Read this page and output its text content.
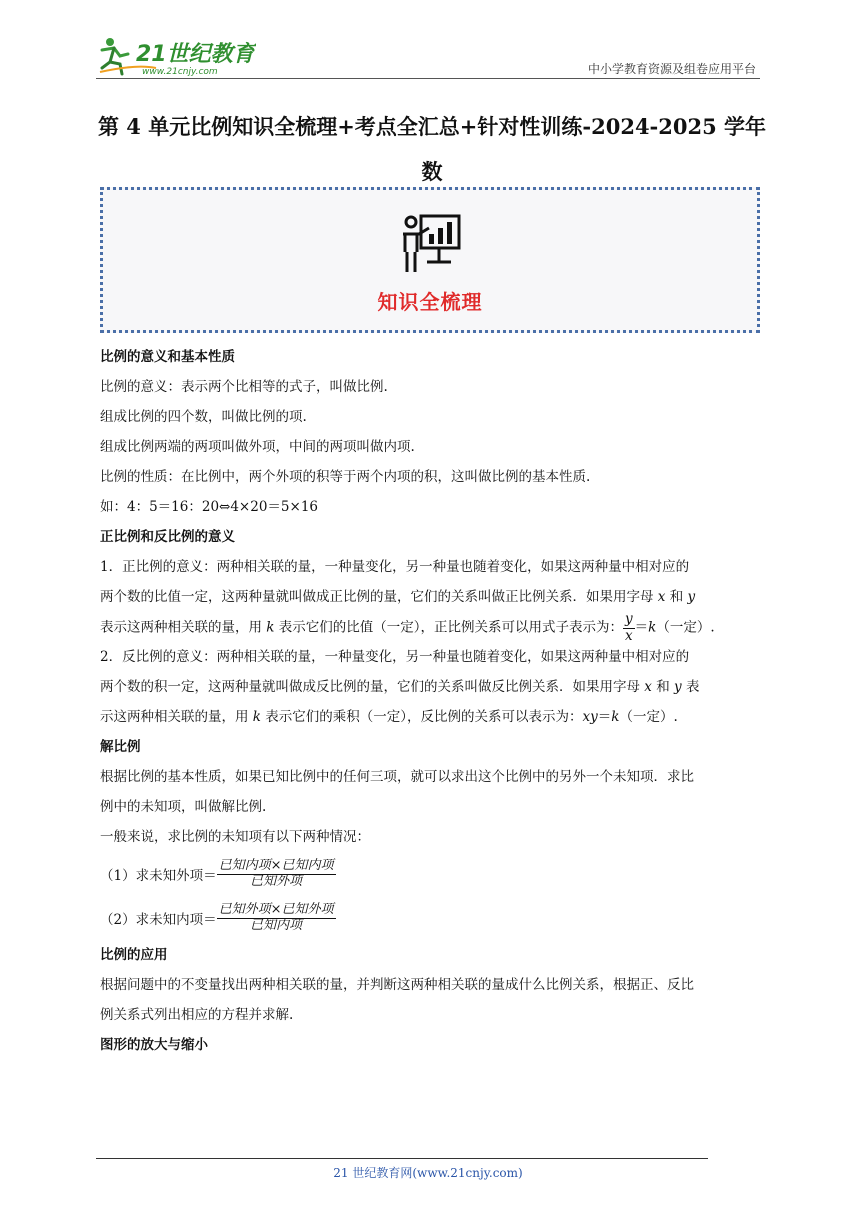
21世纪教育
www.21cnjy.com	中小学教育资源及组卷应用平台
第 4 单元比例知识全梳理+考点全汇总+针对性训练-2024-2025 学年数
知识全梳理
比例的意义和基本性质
比例的意义：表示两个比相等的式子，叫做比例.
组成比例的四个数，叫做比例的项.
组成比例两端的两项叫做外项，中间的两项叫做内项.
比例的性质：在比例中，两个外项的积等于两个内项的积，这叫做比例的基本性质.
如：4：5＝16：20⇔4×20＝5×16
正比例和反比例的意义
1．正比例的意义：两种相关联的量，一种量变化，另一种量也随着变化，如果这两种量中相对应的
两个数的比值一定，这两种量就叫做成正比例的量，它们的关系叫做正比例关系．如果用字母 x 和 y
表示这两种相关联的量，用 k 表示它们的比值（一定），正比例关系可以用式子表示为： $\frac{y}{x} =k$（一定）.
2．反比例的意义：两种相关联的量，一种量变化，另一种量也随着变化，如果这两种量中相对应的
两个数的积一定，这两种量就叫做成反比例的量，它们的关系叫做反比例关系．如果用字母 x 和 y 表
示这两种相关联的量，用 k 表示它们的乘积（一定），反比例的关系可以表示为：xy＝k（一定）.
解比例
根据比例的基本性质，如果已知比例中的任何三项，就可以求出这个比例中的另外一个未知项．求比
例中的未知项，叫做解比例.
一般来说，求比例的未知项有以下两种情况：
（1）求未知外项＝ $\frac{\text{已知内项×已知内项}}{\text{已知外项}}$
（2）求未知内项＝ $\frac{\text{已知外项×已知外项}}{\text{已知内项}}$
比例的应用
根据问题中的不变量找出两种相关联的量，并判断这两种相关联的量成什么比例关系，根据正、反比
例关系式列出相应的方程并求解.
图形的放大与缩小
21 世纪教育网(www.21cnjy.com)
